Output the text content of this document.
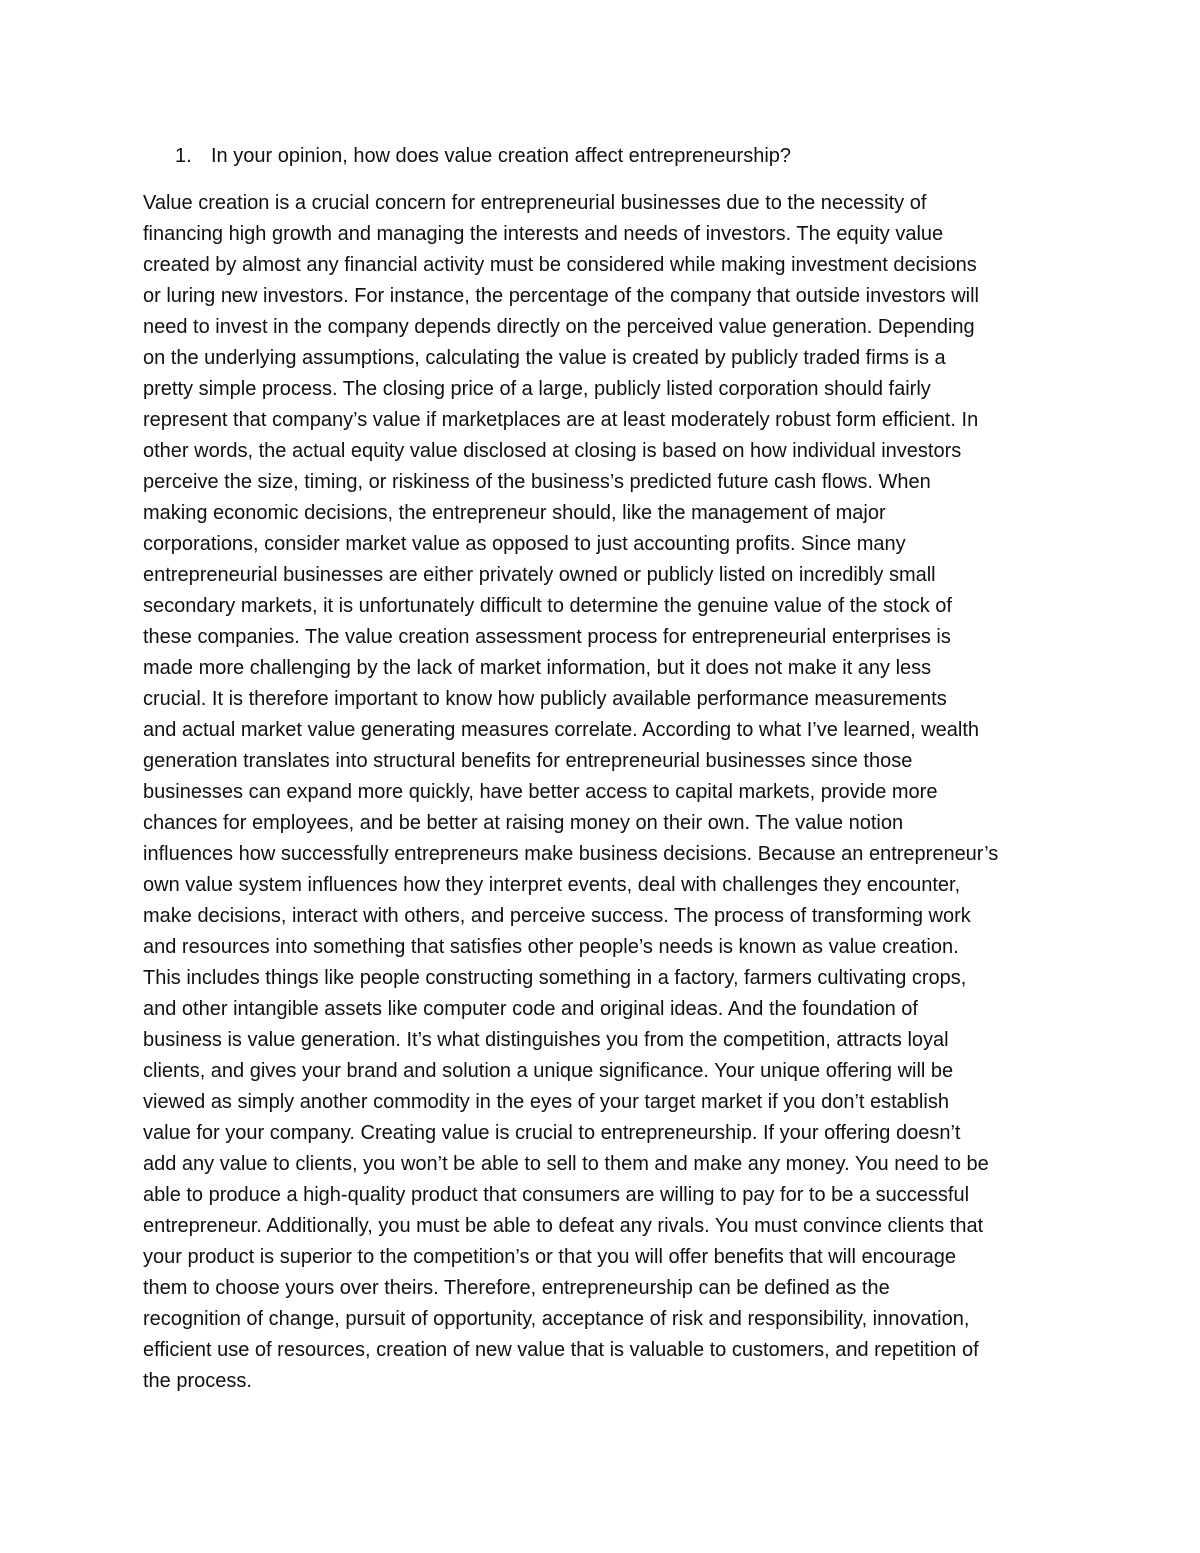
1. In your opinion, how does value creation affect entrepreneurship?
Value creation is a crucial concern for entrepreneurial businesses due to the necessity of
financing high growth and managing the interests and needs of investors. The equity value
created by almost any financial activity must be considered while making investment decisions
or luring new investors. For instance, the percentage of the company that outside investors will
need to invest in the company depends directly on the perceived value generation. Depending
on the underlying assumptions, calculating the value is created by publicly traded firms is a
pretty simple process. The closing price of a large, publicly listed corporation should fairly
represent that company’s value if marketplaces are at least moderately robust form efficient. In
other words, the actual equity value disclosed at closing is based on how individual investors
perceive the size, timing, or riskiness of the business’s predicted future cash flows. When
making economic decisions, the entrepreneur should, like the management of major
corporations, consider market value as opposed to just accounting profits. Since many
entrepreneurial businesses are either privately owned or publicly listed on incredibly small
secondary markets, it is unfortunately difficult to determine the genuine value of the stock of
these companies. The value creation assessment process for entrepreneurial enterprises is
made more challenging by the lack of market information, but it does not make it any less
crucial. It is therefore important to know how publicly available performance measurements
and actual market value generating measures correlate. According to what I’ve learned, wealth
generation translates into structural benefits for entrepreneurial businesses since those
businesses can expand more quickly, have better access to capital markets, provide more
chances for employees, and be better at raising money on their own. The value notion
influences how successfully entrepreneurs make business decisions. Because an entrepreneur’s
own value system influences how they interpret events, deal with challenges they encounter,
make decisions, interact with others, and perceive success. The process of transforming work
and resources into something that satisfies other people’s needs is known as value creation.
This includes things like people constructing something in a factory, farmers cultivating crops,
and other intangible assets like computer code and original ideas. And the foundation of
business is value generation. It’s what distinguishes you from the competition, attracts loyal
clients, and gives your brand and solution a unique significance. Your unique offering will be
viewed as simply another commodity in the eyes of your target market if you don’t establish
value for your company. Creating value is crucial to entrepreneurship. If your offering doesn’t
add any value to clients, you won’t be able to sell to them and make any money. You need to be
able to produce a high-quality product that consumers are willing to pay for to be a successful
entrepreneur. Additionally, you must be able to defeat any rivals. You must convince clients that
your product is superior to the competition’s or that you will offer benefits that will encourage
them to choose yours over theirs. Therefore, entrepreneurship can be defined as the
recognition of change, pursuit of opportunity, acceptance of risk and responsibility, innovation,
efficient use of resources, creation of new value that is valuable to customers, and repetition of
the process.
